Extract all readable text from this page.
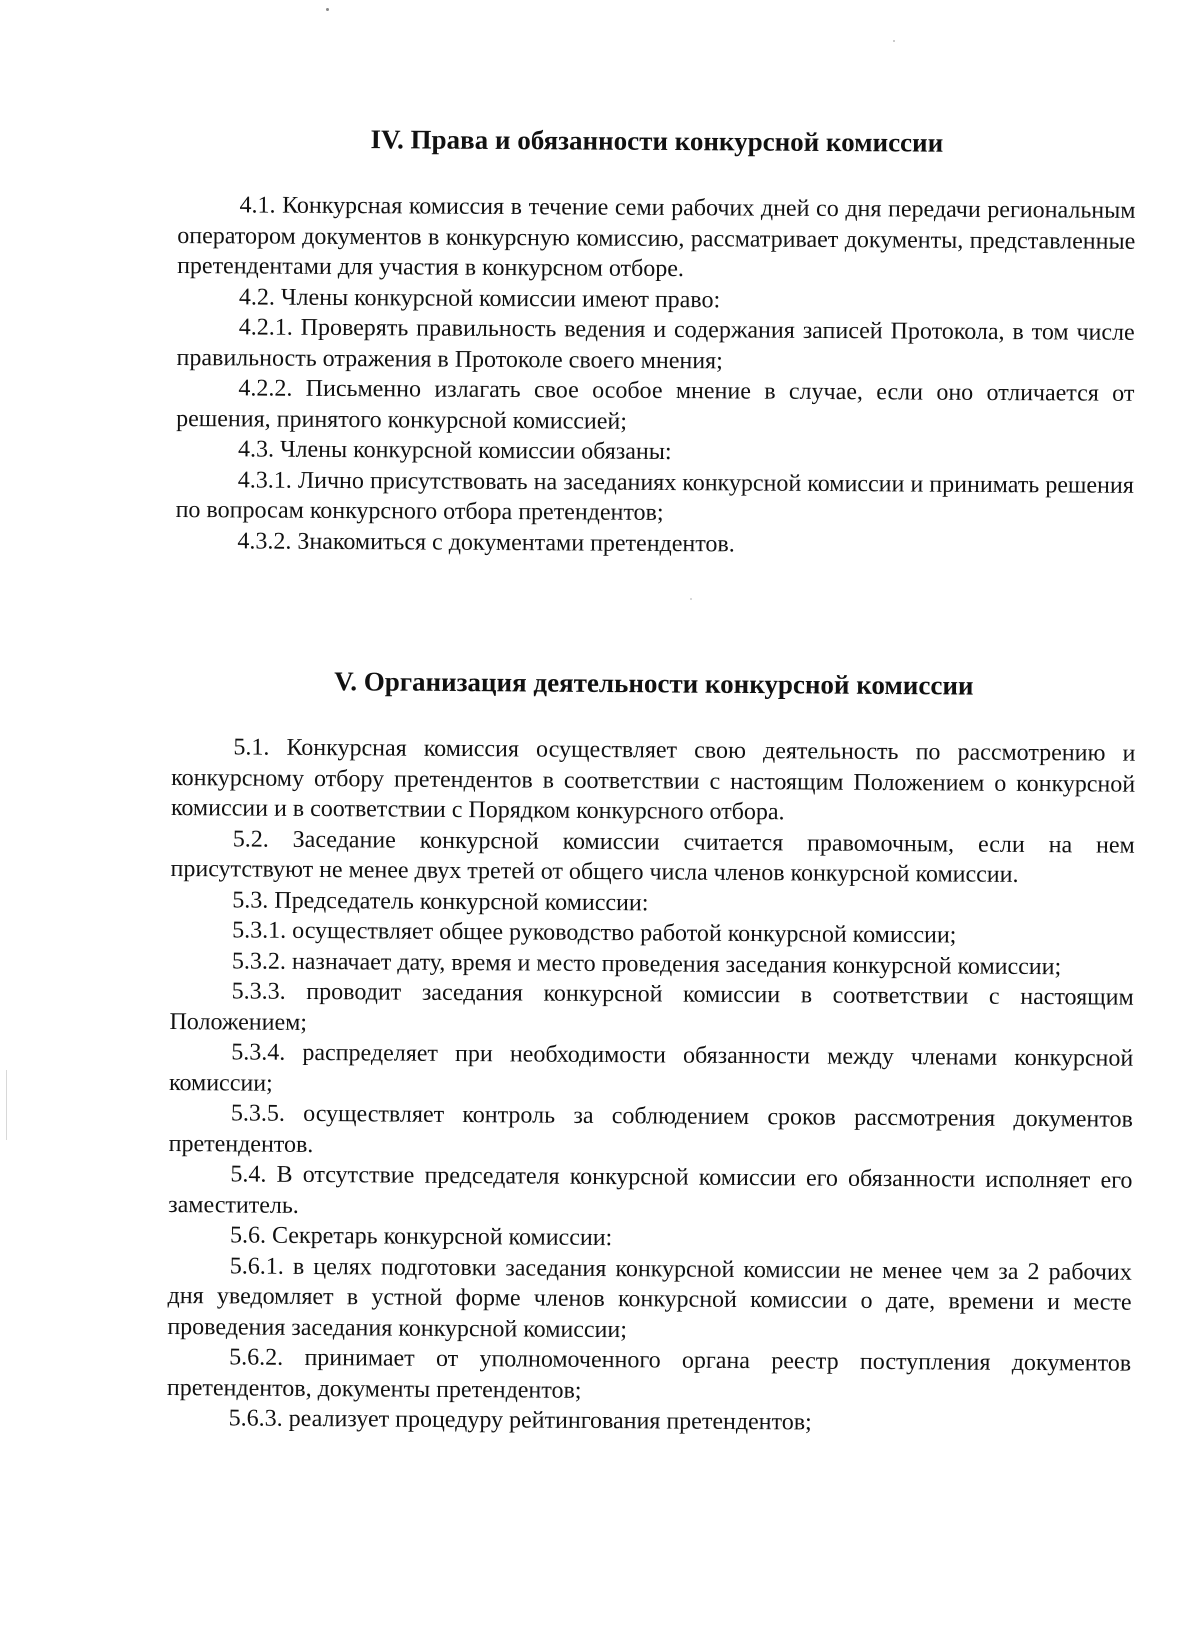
IV. Права и обязанности конкурсной комиссии

4.1. Конкурсная комиссия в течение семи рабочих дней со дня передачи региональным оператором документов в конкурсную комиссию, рассматривает документы, представленные претендентами для участия в конкурсном отборе.

4.2. Члены конкурсной комиссии имеют право:

4.2.1. Проверять правильность ведения и содержания записей Протокола, в том числе правильность отражения в Протоколе своего мнения;

4.2.2. Письменно излагать свое особое мнение в случае, если оно отличается от решения, принятого конкурсной комиссией;

4.3. Члены конкурсной комиссии обязаны:

4.3.1. Лично присутствовать на заседаниях конкурсной комиссии и принимать решения по вопросам конкурсного отбора претендентов;

4.3.2. Знакомиться с документами претендентов.

V. Организация деятельности конкурсной комиссии

5.1. Конкурсная комиссия осуществляет свою деятельность по рассмотрению и конкурсному отбору претендентов в соответствии с настоящим Положением о конкурсной комиссии и в соответствии с Порядком конкурсного отбора.

5.2. Заседание конкурсной комиссии считается правомочным, если на нем присутствуют не менее двух третей от общего числа членов конкурсной комиссии.

5.3. Председатель конкурсной комиссии:

5.3.1. осуществляет общее руководство работой конкурсной комиссии;

5.3.2. назначает дату, время и место проведения заседания конкурсной комиссии;

5.3.3. проводит заседания конкурсной комиссии в соответствии с настоящим Положением;

5.3.4. распределяет при необходимости обязанности между членами конкурсной комиссии;

5.3.5. осуществляет контроль за соблюдением сроков рассмотрения документов претендентов.

5.4. В отсутствие председателя конкурсной комиссии его обязанности исполняет его заместитель.

5.6. Секретарь конкурсной комиссии:

5.6.1. в целях подготовки заседания конкурсной комиссии не менее чем за 2 рабочих дня уведомляет в устной форме членов конкурсной комиссии о дате, времени и месте проведения заседания конкурсной комиссии;

5.6.2. принимает от уполномоченного органа реестр поступления документов претендентов, документы претендентов;

5.6.3. реализует процедуру рейтингования претендентов;
